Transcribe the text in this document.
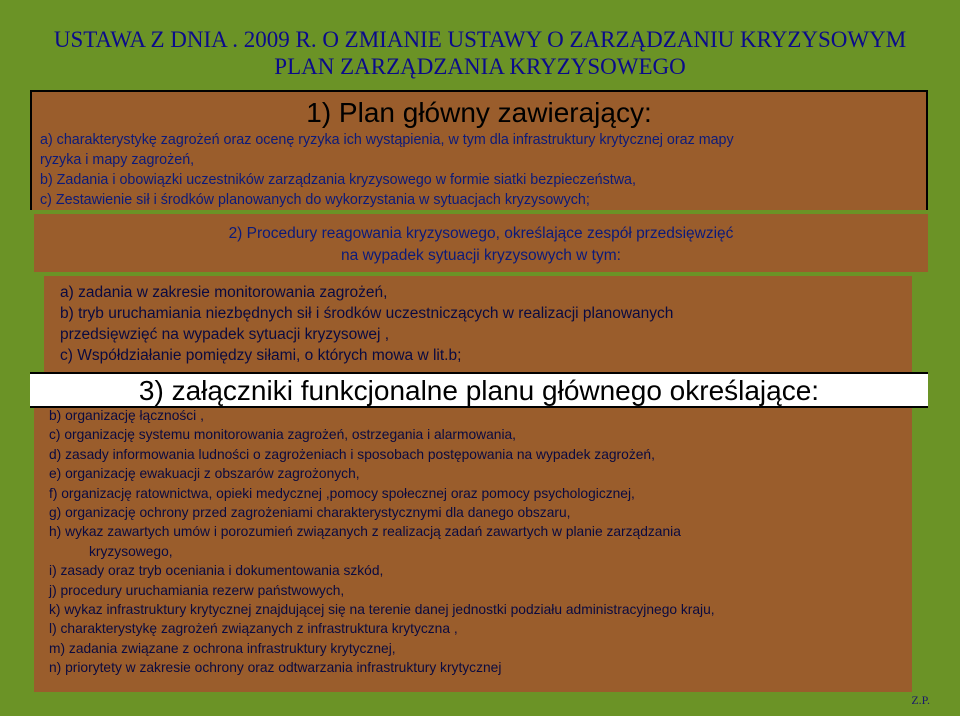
USTAWA Z DNIA . 2009 R. O ZMIANIE USTAWY O ZARZĄDZANIU KRYZYSOWYM
PLAN ZARZĄDZANIA KRYZYSOWEGO
1) Plan główny zawierający:
a) charakterystykę zagrożeń oraz ocenę ryzyka ich wystąpienia, w tym dla infrastruktury krytycznej oraz mapy
ryzyka i mapy zagrożeń,
b) Zadania i obowiązki uczestników zarządzania kryzysowego w formie siatki bezpieczeństwa,
c) Zestawienie sił i środków planowanych do wykorzystania w sytuacjach kryzysowych;
2) Procedury reagowania kryzysowego, określające zespół przedsięwzięć
na wypadek sytuacji kryzysowych w tym:
a) zadania w zakresie monitorowania zagrożeń,
b) tryb uruchamiania niezbędnych sił i środków uczestniczących w realizacji planowanych
przedsięwzięć na wypadek sytuacji kryzysowej ,
c) Współdziałanie pomiędzy siłami, o których mowa w lit.b;
3) załączniki funkcjonalne planu głównego określające:
b) organizację łączności ,
c) organizację systemu monitorowania zagrożeń, ostrzegania i alarmowania,
d) zasady informowania ludności o zagrożeniach i sposobach postępowania na wypadek zagrożeń,
e) organizację ewakuacji z obszarów zagrożonych,
f) organizację ratownictwa, opieki medycznej ,pomocy społecznej oraz pomocy psychologicznej,
g) organizację ochrony przed zagrożeniami charakterystycznymi dla danego obszaru,
h) wykaz zawartych umów i porozumień związanych z realizacją zadań zawartych w planie zarządzania
kryzysowego,
i) zasady oraz tryb oceniania i dokumentowania szkód,
j) procedury uruchamiania rezerw państwowych,
k) wykaz infrastruktury krytycznej znajdującej się na terenie danej jednostki podziału administracyjnego kraju,
l) charakterystykę zagrożeń związanych z infrastruktura krytyczna ,
m) zadania związane z ochrona infrastruktury krytycznej,
n) priorytety w zakresie ochrony oraz odtwarzania infrastruktury krytycznej
Z.P.
